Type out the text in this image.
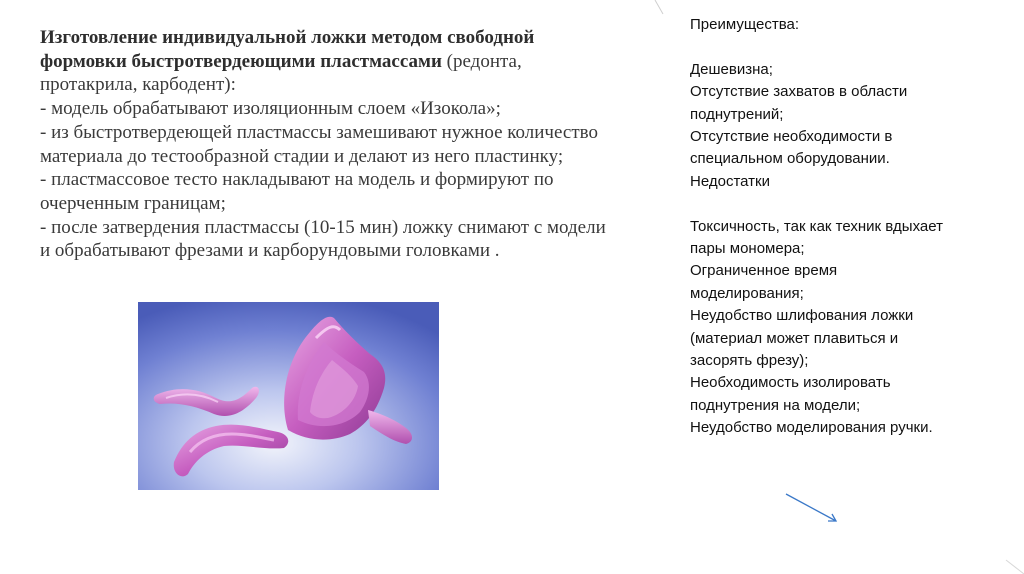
Изготовление индивидуальной ложки методом свободной
формовки быстротвердеющими пластмассами (редонта,
протакрила, карбодент):
- модель обрабатывают изоляционным слоем «Изокола»;
- из быстротвердеющей пластмассы замешивают нужное количество
материала до тестообразной стадии и делают из него пластинку;
- пластмассовое тесто накладывают на модель и формируют по
очерченным границам;
- после затвердения пластмассы (10-15 мин) ложку снимают с модели
и обрабатывают фрезами и карборундовыми головками .
Преимущества:
Дешевизна;
Отсутствие захватов в области
поднутрений;
Отсутствие необходимости в
специальном оборудовании.
Недостатки
Токсичность, так как техник вдыхает
пары мономера;
Ограниченное время
моделирования;
Неудобство шлифования ложки
(материал может плавиться и
засорять фрезу);
Необходимость изолировать
поднутрения на модели;
Неудобство моделирования ручки.
